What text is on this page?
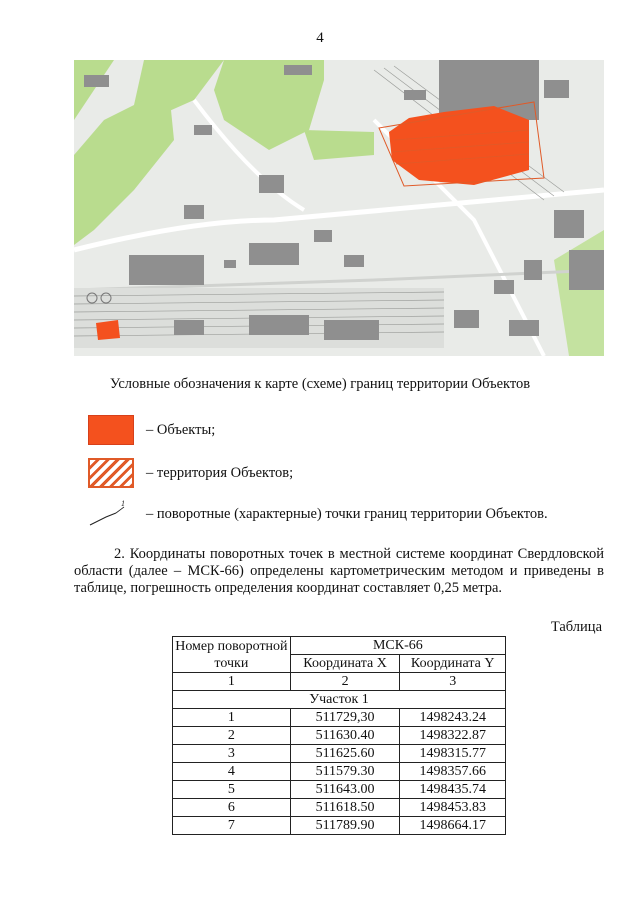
4
Условные обозначения к карте (схеме) границ территории Объектов
– Объекты;
– территория Объектов;
1
– поворотные (характерные) точки границ территории Объектов.
2. Координаты поворотных точек в местной системе координат Свердловской области (далее – МСК-66) определены картометрическим методом и приведены в таблице, погрешность определения координат составляет 0,25 метра.
Таблица
Номер поворотной точки	МСК-66	
	Координата X	Координата Y
1	2	3
Участок 1		
1	511729,30	1498243.24
2	511630.40	1498322.87
3	511625.60	1498315.77
4	511579.30	1498357.66
5	511643.00	1498435.74
6	511618.50	1498453.83
7	511789.90	1498664.17
